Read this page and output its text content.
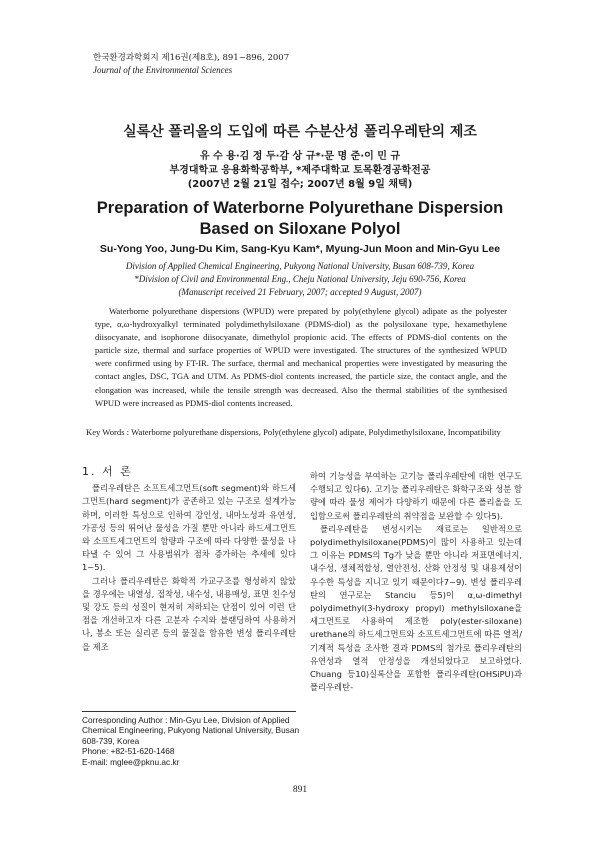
한국환경과학회지 제16권(제8호), 891~896, 2007
Journal of the Environmental Sciences
실록산 폴리올의 도입에 따른 수분산성 폴리우레탄의 제조
유 수 용·김 정 두·감 상 규*·문 명 준·이 민 규
부경대학교 응용화학공학부, *제주대학교 토목환경공학전공
(2007년 2월 21일 접수; 2007년 8월 9일 채택)
Preparation of Waterborne Polyurethane Dispersion
Based on Siloxane Polyol
Su-Yong Yoo, Jung-Du Kim, Sang-Kyu Kam*, Myung-Jun Moon and Min-Gyu Lee
Division of Applied Chemical Engineering, Pukyong National University, Busan 608-739, Korea
*Division of Civil and Environmental Eng., Cheju National University, Jeju 690-756, Korea
(Manuscript received 21 February, 2007; accepted 9 August, 2007)
Waterborne polyurethane dispersions (WPUD) were prepared by poly(ethylene glycol) adipate as the polyester type, α,ω-hydroxyalkyl terminated polydimethylsiloxane (PDMS-diol) as the polysiloxane type, hexamethylene diisocyanate, and isophorone diisocyanate, dimethylol propionic acid. The effects of PDMS-diol contents on the particle size, thermal and surface properties of WPUD were investigated. The structures of the synthesized WPUD were confirmed using by FT-IR. The surface, thermal and mechanical properties were investigated by measuring the contact angles, DSC, TGA and UTM. As PDMS-diol contents increased, the particle size, the contact angle, and the elongation was increased, while the tensile strength was decreased. Also the thermal stabilities of the synthesised WPUD were increased as PDMS-diol contents increased.
Key Words : Waterborne polyurethane dispersions, Poly(ethylene glycol) adipate, Polydimethylsiloxane, Incompatibility
1. 서 론

폴리우레탄은 소프트세그먼트(soft segment)와 하드세그먼트(hard segment)가 공존하고 있는 구조로 설계가능하며, 이러한 특성으로 인하여 강인성, 내마노성과 유연성, 가공성 등의 뛰어난 물성을 가질 뿐만 아니라 하드세그먼트와 소프트세그먼트의 함량과 구조에 따라 다양한 물성을 나타낼 수 있어 그 사용범위가 점차 증가하는 추세에 있다1~5).

그러나 폴리우레탄은 화학적 가교구조를 형성하지 않았을 경우에는 내열성, 접착성, 내수성, 내용매성, 표면 친수성 및 강도 등의 성질이 현저히 저하되는 단점이 있어 이런 단점을 개선하고자 다른 고분자 수지와 블랜딩하여 사용하거나, 봉소 또는 실리콘 등의 물질을 함유한 변성 폴리우레탄을 제조

하여 기능성을 부여하는 고기능 폴리우레탄에 대한 연구도 수행되고 있다6). 고기능 폴리우레탄은 화학구조와 성분 함량에 따라 물성 제어가 다양하기 때문에 다른 폴리올을 도입함으로써 폴리우레탄의 취약점을 보완할 수 있다5).

폴리우레탄을 변성시키는 재료로는 일반적으로 polydimethylsiloxane(PDMS)이 많이 사용하고 있는데 그 이유는 PDMS의 Tg가 낮을 뿐만 아니라 저표면에너지, 내수성, 생체적합성, 열안전성, 산화 안정성 및 내용제성이 우수한 특성을 지니고 있기 때문이다7~9). 변성 폴리우레탄의 연구로는 Stanciu 등5)이 α,ω-dimethyl polydimethyl(3-hydroxy propyl) methylsiloxane을 세그먼트로 사용하여 제조한 poly(ester-siloxane) urethane의 하드세그먼트와 소프트세그먼트에 따른 열적/기계적 특성을 조사한 결과 PDMS의 첨가로 폴리우레탄의 유연성과 열적 안정성을 개선되었다고 보고하였다. Chuang 등10)실록산을 포함한 폴리우레탄(OHSiPU)과 폴리우레탄-

Corresponding Author : Min-Gyu Lee, Division of Applied
Chemical Engineering, Pukyong National University, Busan
608-739, Korea
Phone: +82-51-620-1468
E-mail: mglee@pknu.ac.kr
891
